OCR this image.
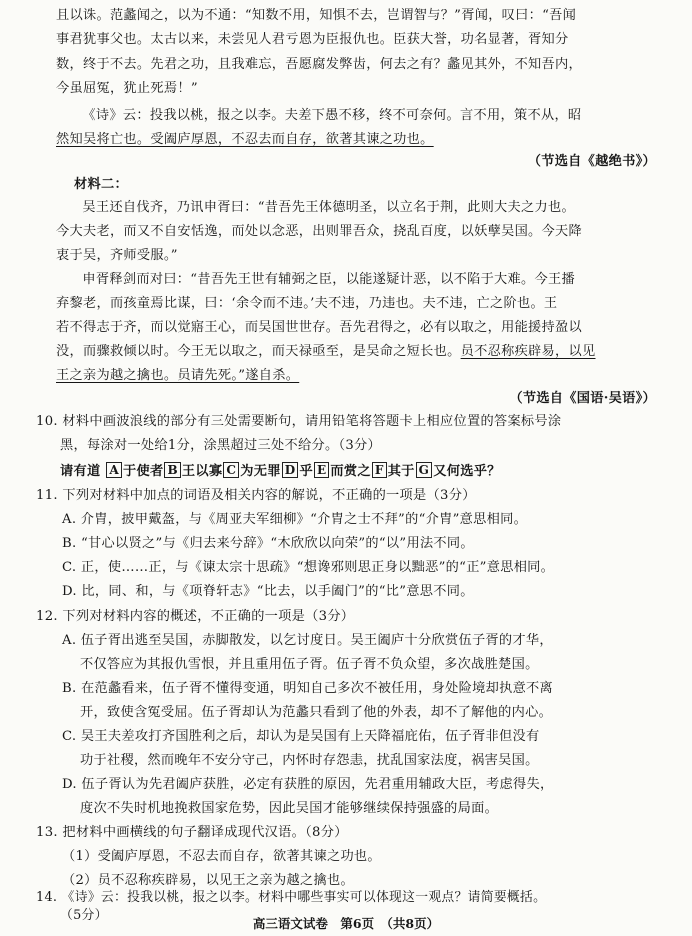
且以诛。范蠡闻之，以为不通：“知数不用，知惧不去，岂谓智与？”胥闻，叹曰：“吾闻

事君犹事父也。太古以来，未尝见人君亏恩为臣报仇也。臣获大誉，功名显著，胥知分

数，终于不去。先君之功，且我难忘，吾愿腐发弊齿，何去之有？蠡见其外，不知吾内，

今虽屈冤，犹止死焉！”

《诗》云：投我以桃，报之以李。夫差下愚不移，终不可奈何。言不用，策不从，昭

然知吴将亡也。受阖庐厚恩，不忍去而自存，欲著其谏之功也。

（节选自《越绝书》）

材料二：

吴王还自伐齐，乃讯申胥曰：“昔吾先王体德明圣，以立名于荆，此则大夫之力也。

今大夫老，而又不自安恬逸，而处以念恶，出则罪吾众，挠乱百度，以妖孽吴国。今天降

衷于吴，齐师受服。”

申胥释剑而对曰：“昔吾先王世有辅弼之臣，以能遂疑计恶，以不陷于大难。今王播

弃黎老，而孩童焉比谋，曰：‘余令而不违。’夫不违，乃违也。夫不违，亡之阶也。王

若不得志于齐，而以觉寤王心，而吴国世世存。吾先君得之，必有以取之，用能援持盈以

没，而骤救倾以时。今王无以取之，而天禄亟至，是吴命之短长也。员不忍称疾辟易，以见

王之亲为越之擒也。员请先死。”遂自杀。

（节选自《国语·吴语》）

10. 材料中画波浪线的部分有三处需要断句，请用铅笔将答题卡上相应位置的答案标号涂

黑，每涂对一处给1分，涂黑超过三处不给分。（3分）

请有道 A 于使者 B 王以寡 C 为无罪 D 乎 E 而赏之 F 其于 G 又何选乎？

11. 下列对材料中加点的词语及相关内容的解说，不正确的一项是（3分）

A. 介胄，披甲戴盔，与《周亚夫军细柳》“介胄之士不拜”的“介胄”意思相同。

B. “甘心以贤之”与《归去来兮辞》“木欣欣以向荣”的“以”用法不同。

C. 正，使……正，与《谏太宗十思疏》“想谗邪则思正身以黜恶”的“正”意思相同。

D. 比，同、和，与《项脊轩志》“比去，以手阖门”的“比”意思不同。

12. 下列对材料内容的概述，不正确的一项是（3分）

A. 伍子胥出逃至吴国，赤脚散发，以乞讨度日。吴王阖庐十分欣赏伍子胥的才华，

不仅答应为其报仇雪恨，并且重用伍子胥。伍子胥不负众望，多次战胜楚国。

B. 在范蠡看来，伍子胥不懂得变通，明知自己多次不被任用，身处险境却执意不离

开，致使含冤受屈。伍子胥却认为范蠡只看到了他的外表，却不了解他的内心。

C. 吴王夫差攻打齐国胜利之后，却认为是吴国有上天降福庇佑，伍子胥非但没有

功于社稷，然而晚年不安分守己，内怀时存怨恚，扰乱国家法度，祸害吴国。

D. 伍子胥认为先君阖庐获胜，必定有获胜的原因，先君重用辅政大臣，考虑得失，

度次不失时机地挽救国家危势，因此吴国才能够继续保持强盛的局面。

13. 把材料中画横线的句子翻译成现代汉语。（8分）

（1）受阖庐厚恩，不忍去而自存，欲著其谏之功也。

（2）员不忍称疾辟易，以见王之亲为越之擒也。

14. 《诗》云：投我以桃，报之以李。材料中哪些事实可以体现这一观点？请简要概括。
（5分）

高三语文试卷　第6页　（共8页）
